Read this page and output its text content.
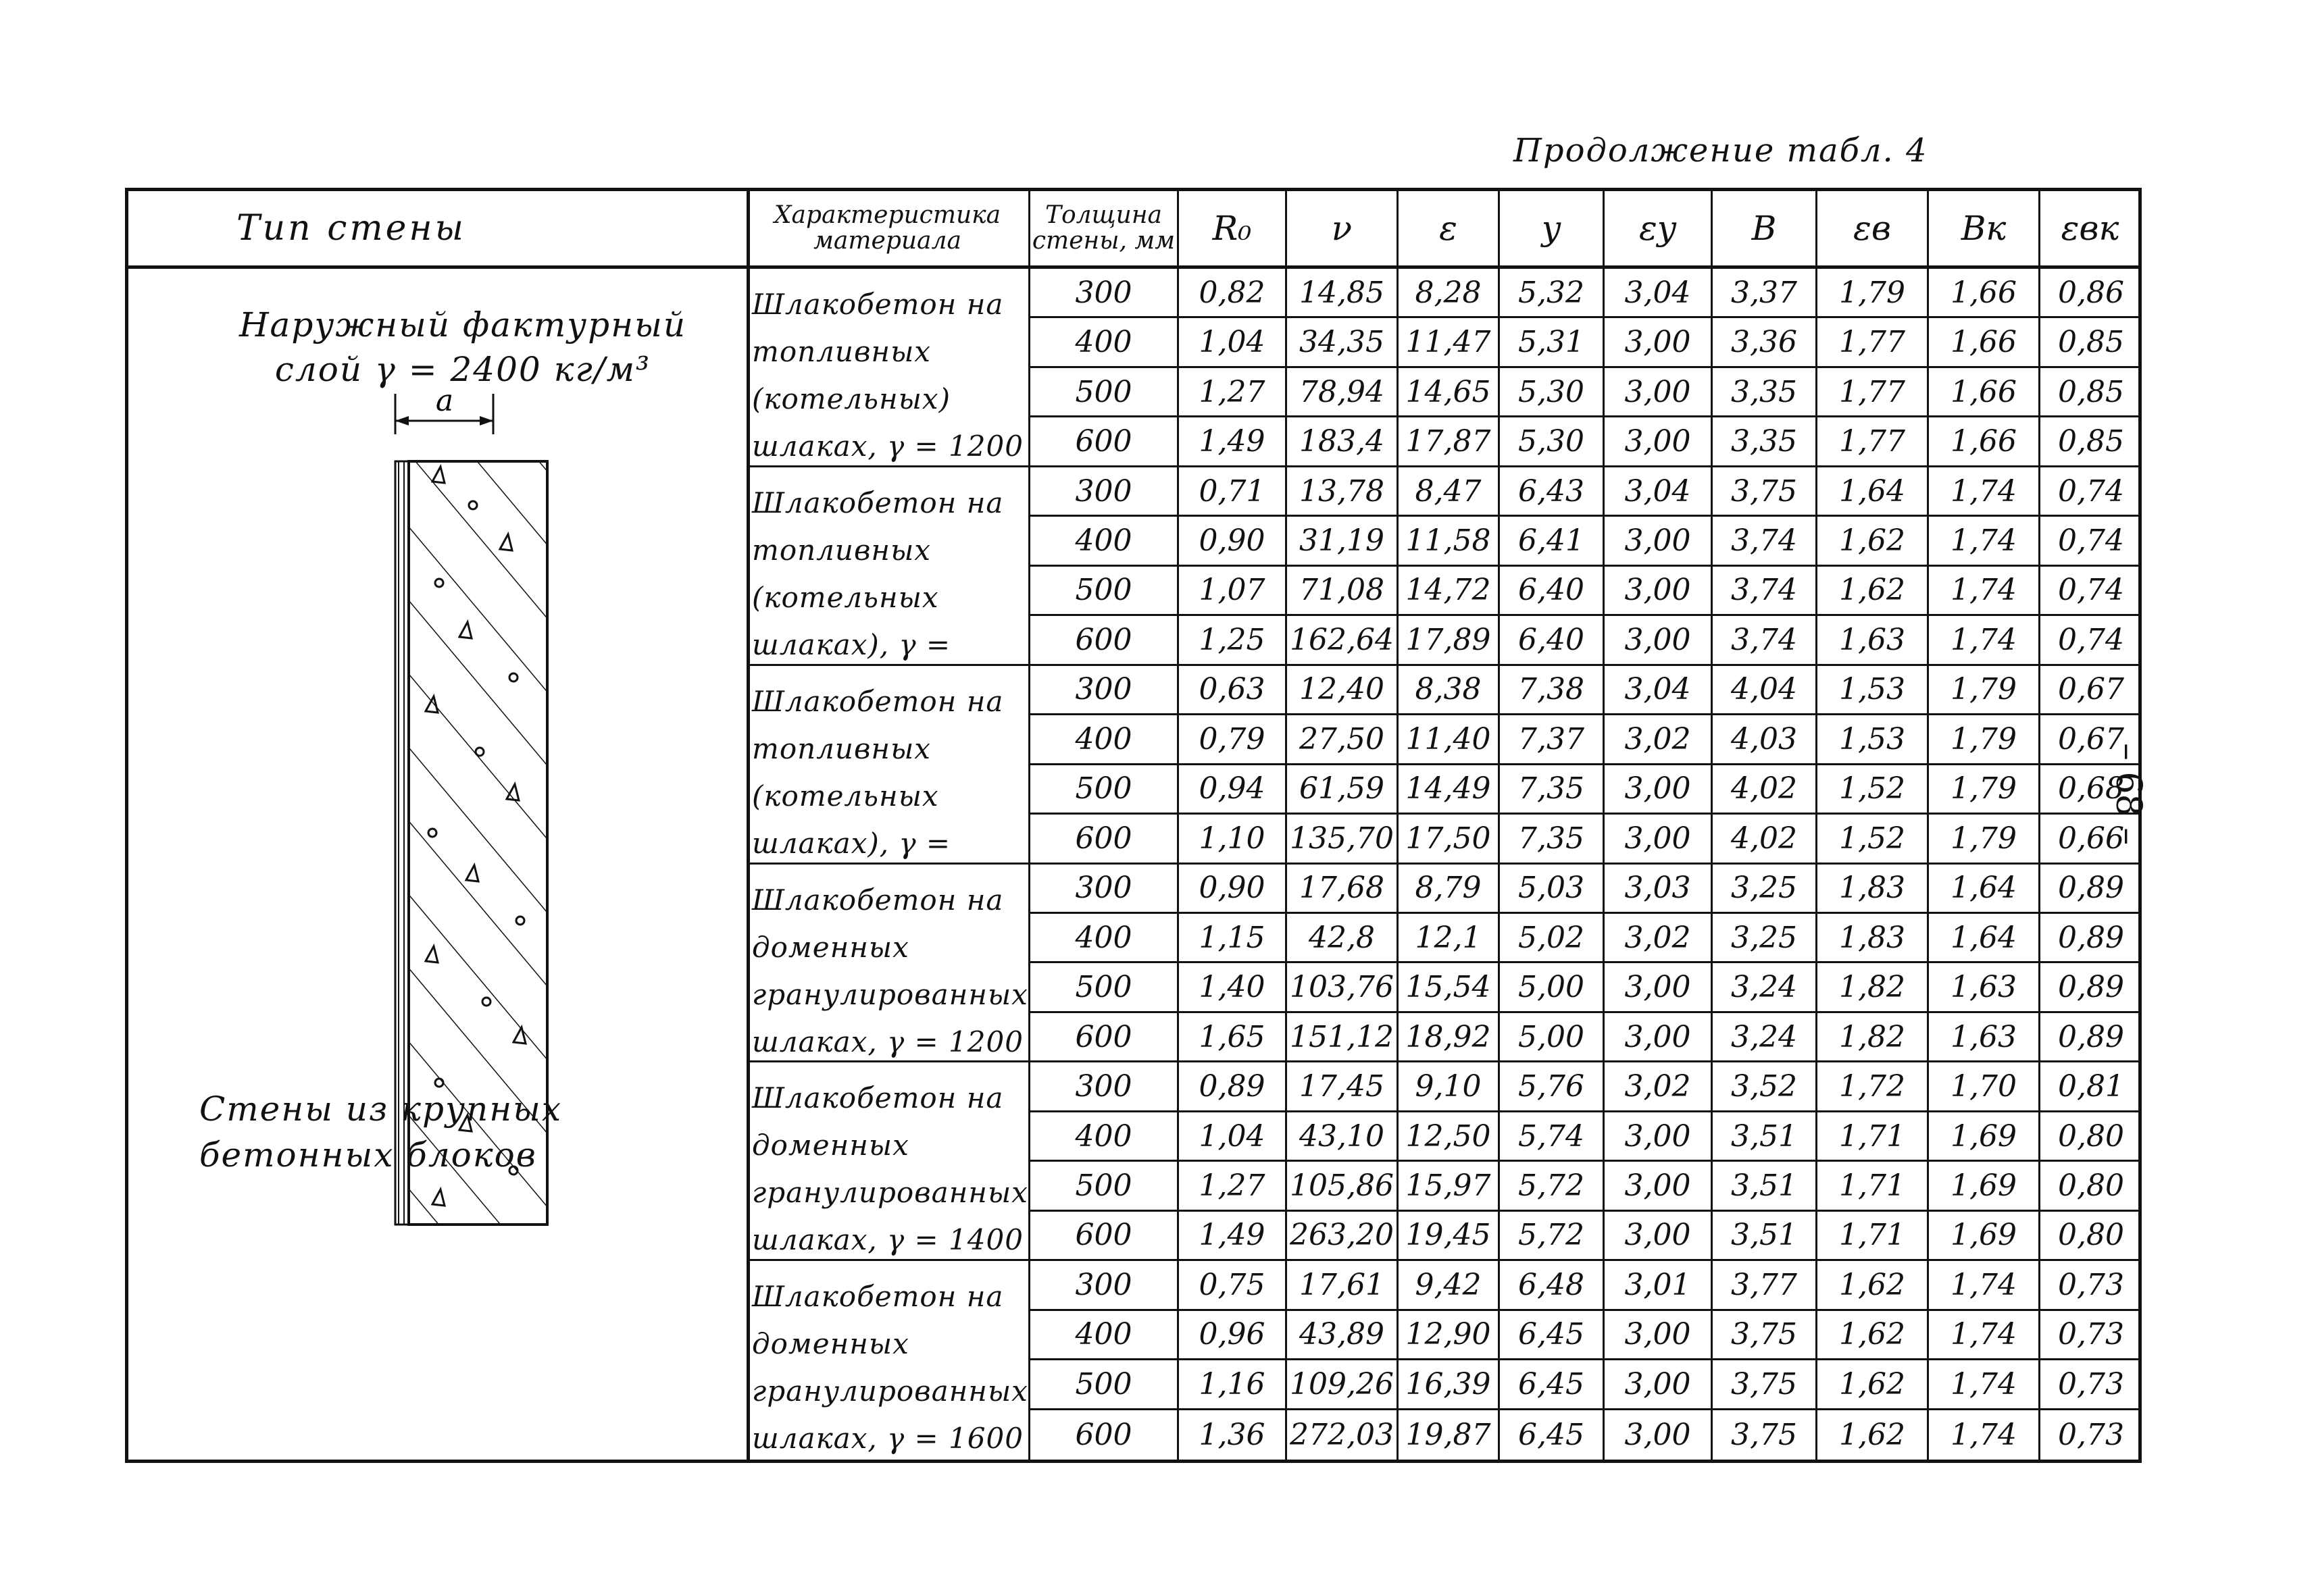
Продолжение табл. 4
– 68 –
Тип стены
Наружный фактурный слой γ = 2400 кг/м³
a
Стены из крупных бетонных блоков
Характеристика материала
Толщина стены, мм	R₀	ν	ε	y	εy	B	εв	Bк	εвк
Шлакобетон на топливных (котельных) шлаках, γ = 1200
300	0,82	14,85	8,28	5,32	3,04	3,37	1,79	1,66	0,86
400	1,04	34,35 11,47 5,31	3,00	3,36	1,77	1,66	0,85
500	1,27	78,94 14,65 5,30	3,00	3,35	1,77	1,66	0,85
600	1,49	183,4 17,87 5,30	3,00	3,35	1,77	1,66	0,85
Шлакобетон на топливных (котельных шлаках), γ =
300	0,71	13,78	8,47	6,43	3,04	3,75	1,64	1,74	0,74
400	0,90	31,19 11,58 6,41	3,00	3,74	1,62	1,74	0,74
500	1,07	71,08 14,72 6,40	3,00	3,74	1,62	1,74	0,74
600	1,25 162,64 17,89 6,40	3,00	3,74	1,63	1,74	0,74
Шлакобетон на топливных (котельных шлаках), γ =
300	0,63	12,40	8,38	7,38	3,04	4,04	1,53	1,79	0,67
400	0,79	27,50 11,40 7,37	3,02	4,03	1,53	1,79	0,67
500	0,94	61,59 14,49 7,35	3,00	4,02	1,52	1,79	0,68
600	1,10 135,70 17,50 7,35	3,00	4,02	1,52	1,79	0,66
Шлакобетон на доменных гранулированных шлаках, γ = 1200
300	0,90	17,68	8,79	5,03	3,03	3,25	1,83	1,64	0,89
400	1,15	42,8	12,1	5,02	3,02	3,25	1,83	1,64	0,89
500	1,40 103,76 15,54 5,00	3,00	3,24	1,82	1,63	0,89
600	1,65 151,12 18,92 5,00	3,00	3,24	1,82	1,63	0,89
Шлакобетон на доменных гранулированных шлаках, γ = 1400
300	0,89	17,45	9,10	5,76	3,02	3,52	1,72	1,70	0,81
400	1,04	43,10 12,50 5,74	3,00	3,51	1,71	1,69	0,80
500	1,27 105,86 15,97 5,72	3,00	3,51	1,71	1,69	0,80
600	1,49 263,20 19,45 5,72	3,00	3,51	1,71	1,69	0,80
Шлакобетон на доменных гранулированных шлаках, γ = 1600
300	0,75	17,61	9,42	6,48	3,01	3,77	1,62	1,74	0,73
400	0,96	43,89 12,90 6,45	3,00	3,75	1,62	1,74	0,73
500	1,16 109,26 16,39 6,45	3,00	3,75	1,62	1,74	0,73
600	1,36 272,03 19,87 6,45	3,00	3,75	1,62	1,74	0,73
